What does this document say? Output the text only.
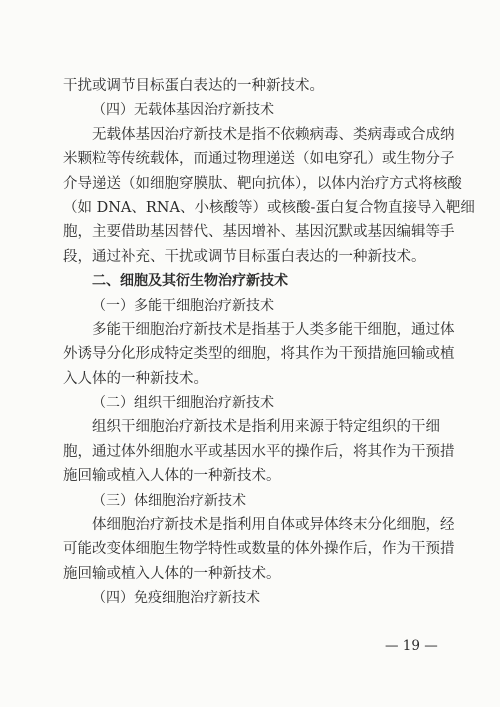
干扰或调节目标蛋白表达的一种新技术。

（四）无载体基因治疗新技术

无载体基因治疗新技术是指不依赖病毒、类病毒或合成纳

米颗粒等传统载体，而通过物理递送（如电穿孔）或生物分子

介导递送（如细胞穿膜肽、靶向抗体），以体内治疗方式将核酸

（如 DNA、RNA、小核酸等）或核酸-蛋白复合物直接导入靶细

胞，主要借助基因替代、基因增补、基因沉默或基因编辑等手

段，通过补充、干扰或调节目标蛋白表达的一种新技术。

二、细胞及其衍生物治疗新技术

（一）多能干细胞治疗新技术

多能干细胞治疗新技术是指基于人类多能干细胞，通过体

外诱导分化形成特定类型的细胞，将其作为干预措施回输或植

入人体的一种新技术。

（二）组织干细胞治疗新技术

组织干细胞治疗新技术是指利用来源于特定组织的干细

胞，通过体外细胞水平或基因水平的操作后，将其作为干预措

施回输或植入人体的一种新技术。

（三）体细胞治疗新技术

体细胞治疗新技术是指利用自体或异体终末分化细胞，经

可能改变体细胞生物学特性或数量的体外操作后，作为干预措

施回输或植入人体的一种新技术。

（四）免疫细胞治疗新技术

— 19 —
